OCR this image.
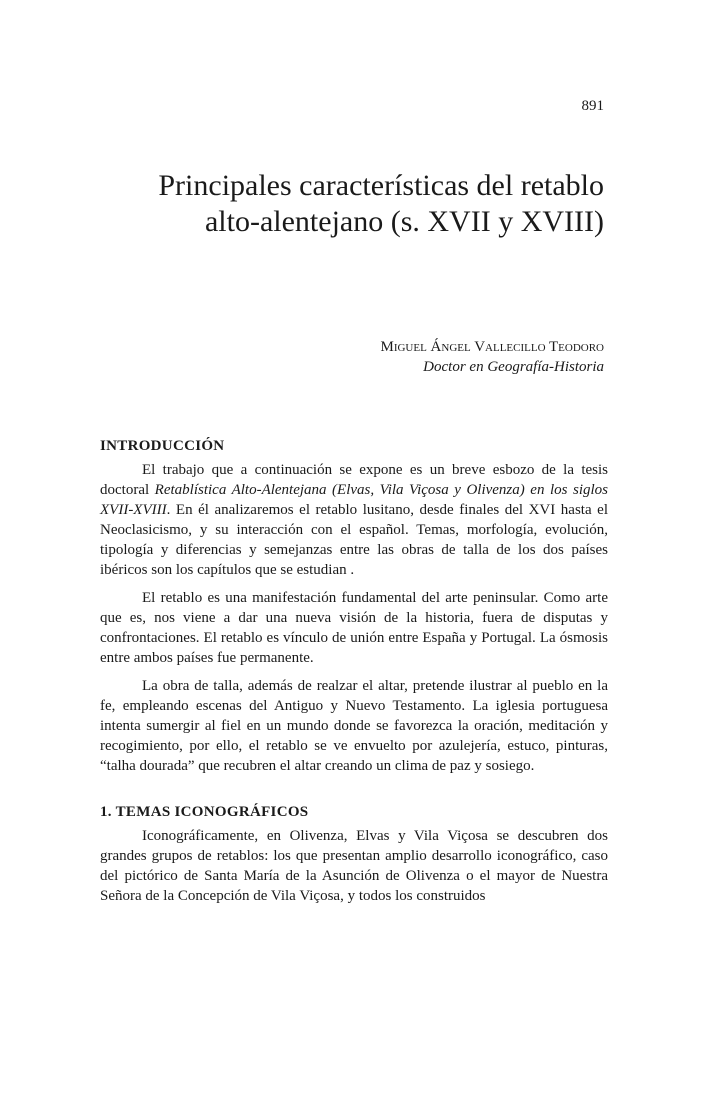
891
Principales características del retablo
alto-alentejano (s. XVII y XVIII)
Miguel Ángel Vallecillo Teodoro
Doctor en Geografía-Historia
INTRODUCCIÓN

El trabajo que a continuación se expone es un breve esbozo de la tesis doctoral Retablística Alto-Alentejana (Elvas, Vila Viçosa y Olivenza) en los siglos XVII-XVIII. En él analizaremos el retablo lusitano, desde finales del XVI hasta el Neoclasicismo, y su interacción con el español. Temas, morfología, evolución, tipología y diferencias y semejanzas entre las obras de talla de los dos países ibéricos son los capítulos que se estudian .

El retablo es una manifestación fundamental del arte peninsular. Como arte que es, nos viene a dar una nueva visión de la historia, fuera de disputas y confrontaciones. El retablo es vínculo de unión entre España y Portugal. La ósmosis entre ambos países fue permanente.

La obra de talla, además de realzar el altar, pretende ilustrar al pueblo en la fe, empleando escenas del Antiguo y Nuevo Testamento. La iglesia portuguesa intenta sumergir al fiel en un mundo donde se favorezca la oración, meditación y recogimiento, por ello, el retablo se ve envuelto por azulejería, estuco, pinturas, “talha dourada” que recubren el altar creando un clima de paz y sosiego.

1. TEMAS ICONOGRÁFICOS

Iconográficamente, en Olivenza, Elvas y Vila Viçosa se descubren dos grandes grupos de retablos: los que presentan amplio desarrollo iconográfico, caso del pictórico de Santa María de la Asunción de Olivenza o el mayor de Nuestra Señora de la Concepción de Vila Viçosa, y todos los construidos
